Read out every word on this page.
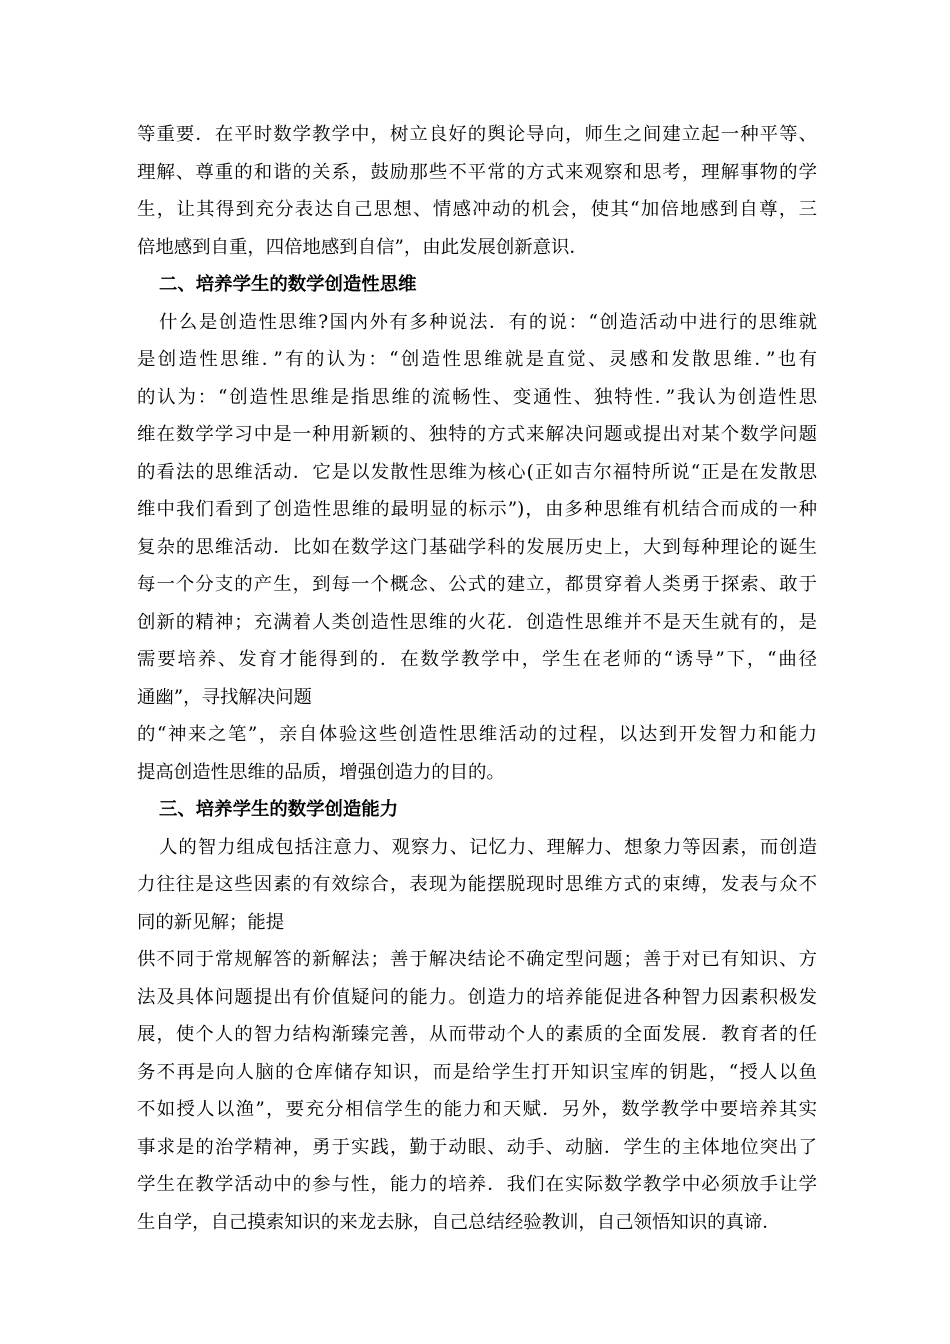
等重要．在平时数学教学中，树立良好的舆论导向，师生之间建立起一种平等、
理解、尊重的和谐的关系，鼓励那些不平常的方式来观察和思考，理解事物的学
生，让其得到充分表达自己思想、情感冲动的机会，使其“加倍地感到自尊，三
倍地感到自重，四倍地感到自信”，由此发展创新意识．
二、培养学生的数学创造性思维
什么是创造性思维?国内外有多种说法．有的说：“创造活动中进行的思维就
是创造性思维．”有的认为：“创造性思维就是直觉、灵感和发散思维．”也有
的认为：“创造性思维是指思维的流畅性、变通性、独特性．”我认为创造性思
维在数学学习中是一种用新颖的、独特的方式来解决问题或提出对某个数学问题
的看法的思维活动．它是以发散性思维为核心(正如吉尔福特所说“正是在发散思
维中我们看到了创造性思维的最明显的标示”)，由多种思维有机结合而成的一种
复杂的思维活动．比如在数学这门基础学科的发展历史上，大到每种理论的诞生
每一个分支的产生，到每一个概念、公式的建立，都贯穿着人类勇于探索、敢于
创新的精神；充满着人类创造性思维的火花．创造性思维并不是天生就有的，是
需要培养、发育才能得到的．在数学教学中，学生在老师的“诱导”下，“曲径
通幽”，寻找解决问题
的“神来之笔”，亲自体验这些创造性思维活动的过程，以达到开发智力和能力
提高创造性思维的品质，增强创造力的目的。
三、培养学生的数学创造能力
人的智力组成包括注意力、观察力、记忆力、理解力、想象力等因素，而创造
力往往是这些因素的有效综合，表现为能摆脱现时思维方式的束缚，发表与众不
同的新见解；能提
供不同于常规解答的新解法；善于解决结论不确定型问题；善于对已有知识、方
法及具体问题提出有价值疑问的能力。创造力的培养能促进各种智力因素积极发
展，使个人的智力结构渐臻完善，从而带动个人的素质的全面发展．教育者的任
务不再是向人脑的仓库储存知识，而是给学生打开知识宝库的钥匙，“授人以鱼
不如授人以渔”，要充分相信学生的能力和天赋．另外，数学教学中要培养其实
事求是的治学精神，勇于实践，勤于动眼、动手、动脑．学生的主体地位突出了
学生在教学活动中的参与性，能力的培养．我们在实际数学教学中必须放手让学
生自学，自己摸索知识的来龙去脉，自己总结经验教训，自己领悟知识的真谛．
